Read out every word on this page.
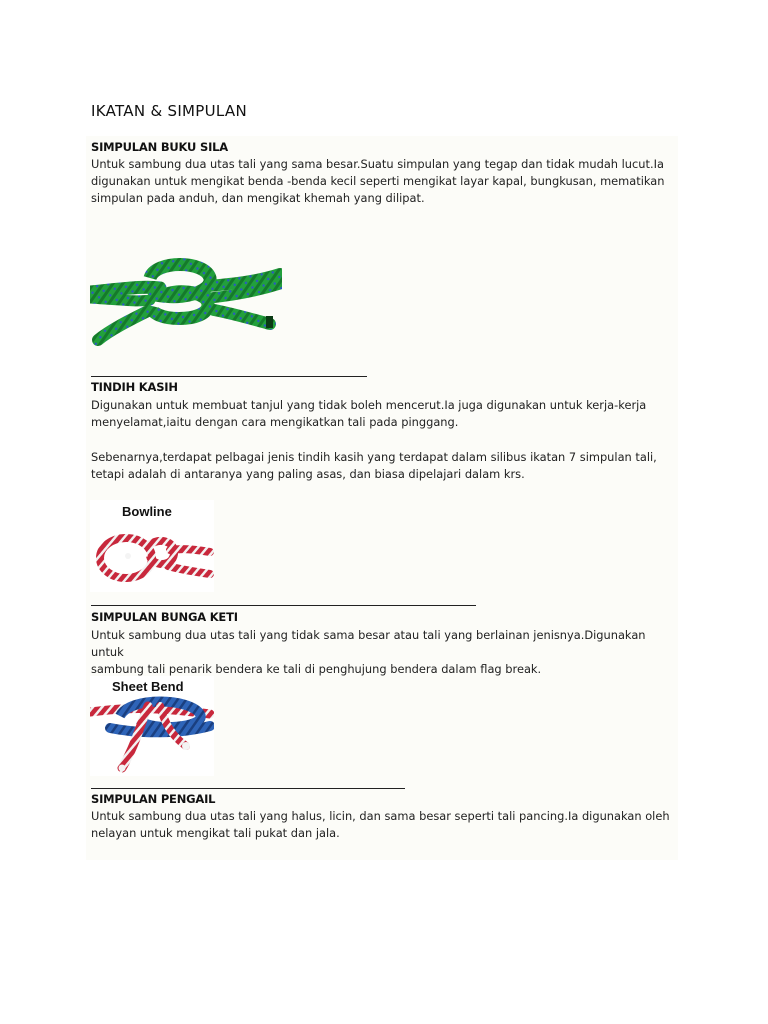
IKATAN & SIMPULAN
SIMPULAN BUKU SILA
Untuk sambung dua utas tali yang sama besar.Suatu simpulan yang tegap dan tidak mudah lucut.Ia
digunakan untuk mengikat benda -benda kecil seperti mengikat layar kapal, bungkusan, mematikan
simpulan pada anduh, dan mengikat khemah yang dilipat.
TINDIH KASIH
Digunakan untuk membuat tanjul yang tidak boleh mencerut.Ia juga digunakan untuk kerja-kerja
menyelamat,iaitu dengan cara mengikatkan tali pada pinggang.
Sebenarnya,terdapat pelbagai jenis tindih kasih yang terdapat dalam silibus ikatan 7 simpulan tali,
tetapi adalah di antaranya yang paling asas, dan biasa dipelajari dalam krs.
Bowline
SIMPULAN BUNGA KETI
Untuk sambung dua utas tali yang tidak sama besar atau tali yang berlainan jenisnya.Digunakan untuk
sambung tali penarik bendera ke tali di penghujung bendera dalam flag break.
Sheet Bend
SIMPULAN PENGAIL
Untuk sambung dua utas tali yang halus, licin, dan sama besar seperti tali pancing.Ia digunakan oleh
nelayan untuk mengikat tali pukat dan jala.
